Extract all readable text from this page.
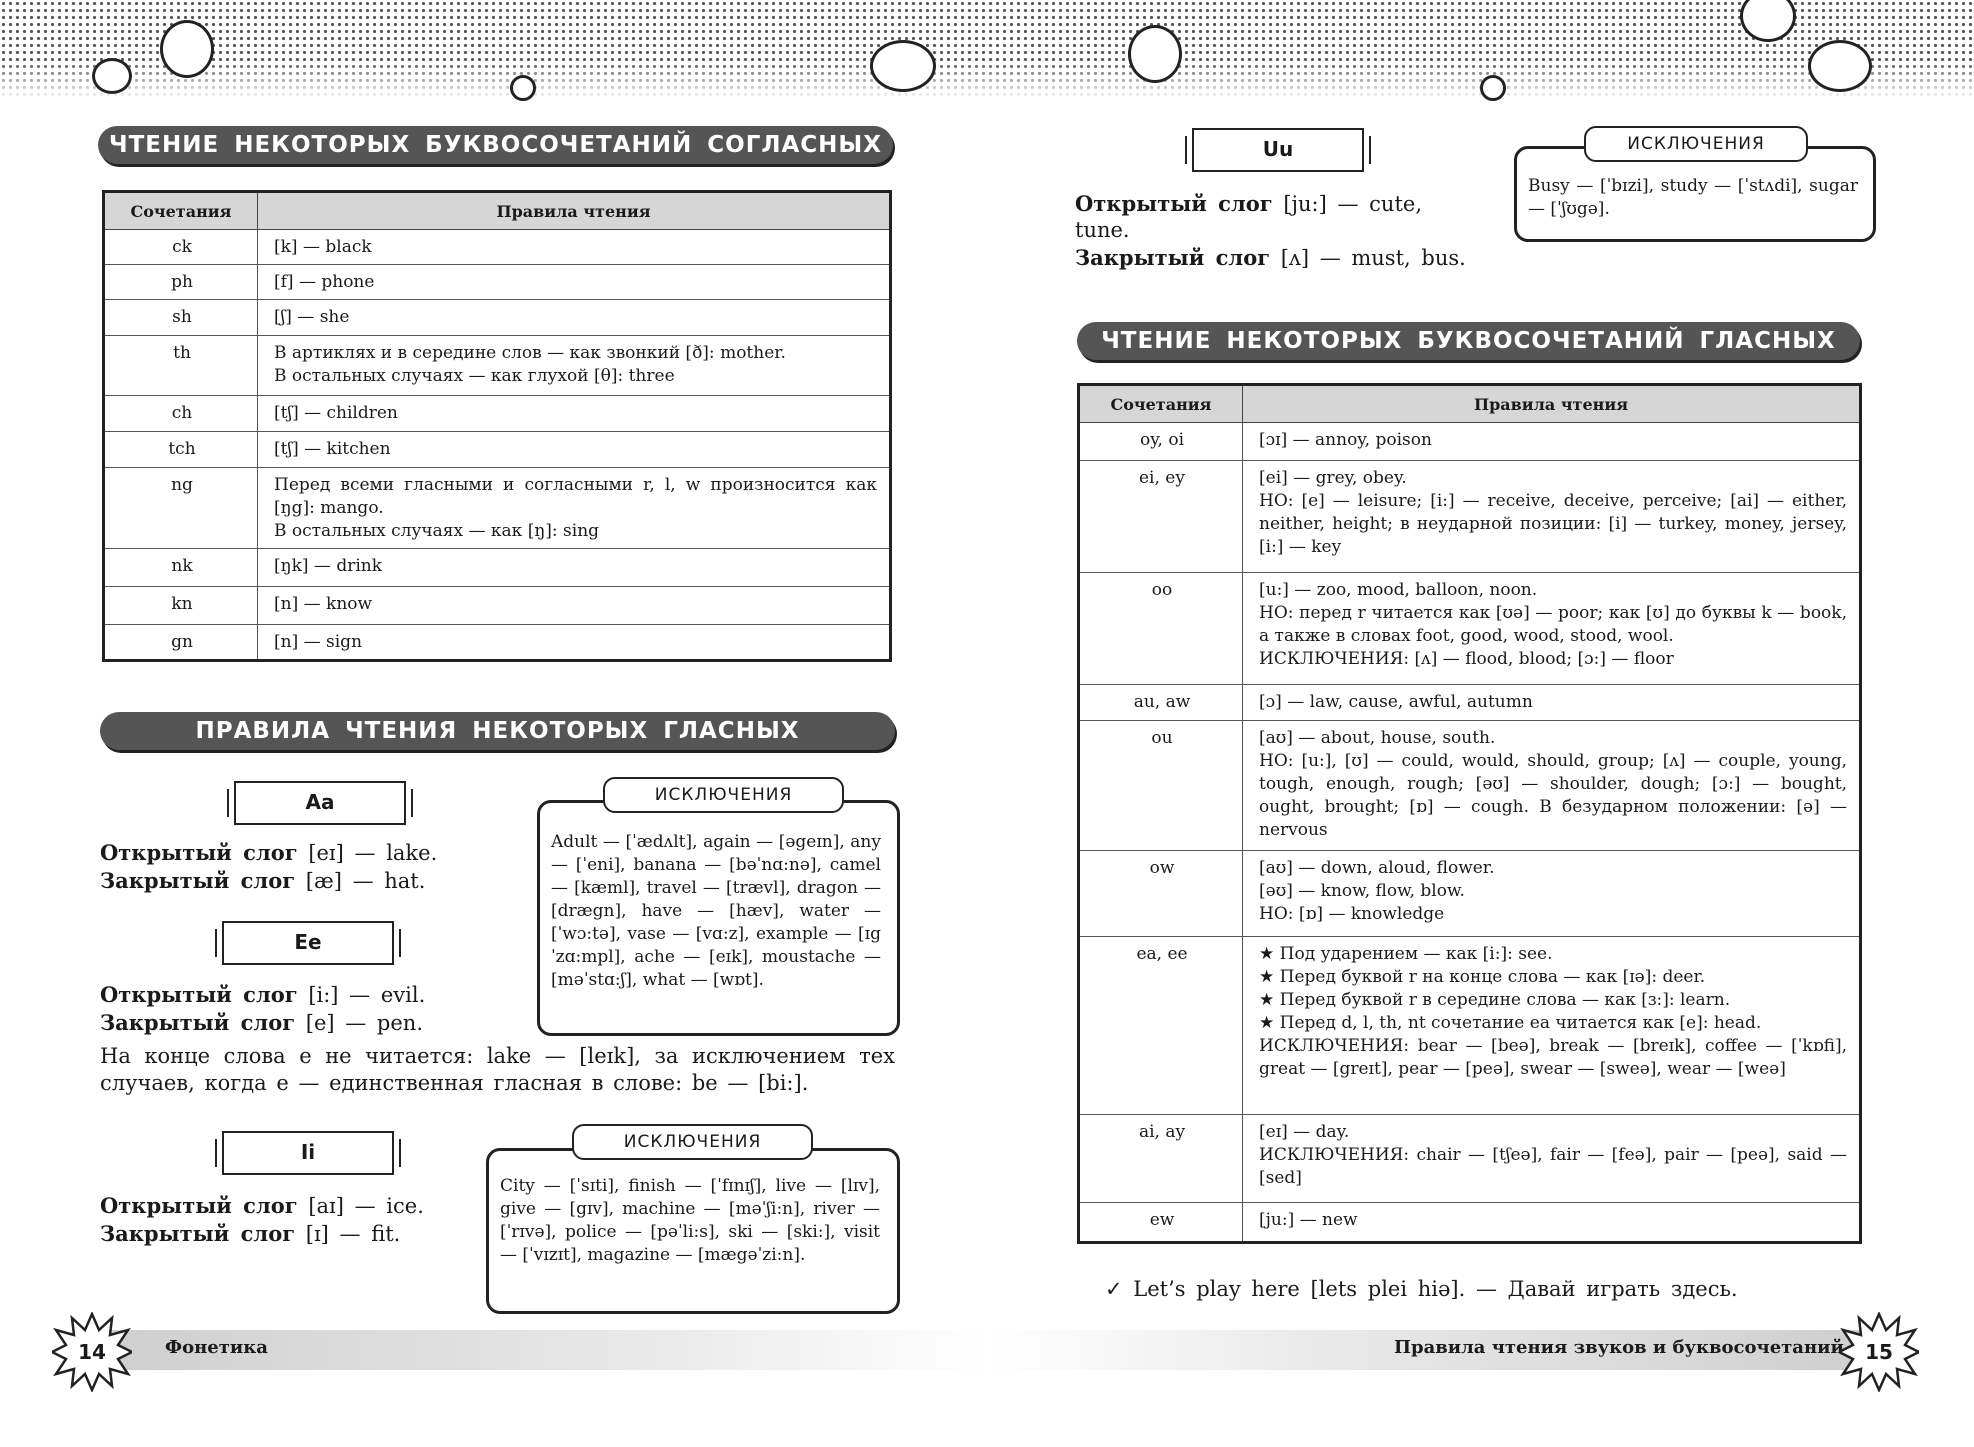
ЧТЕНИЕ НЕКОТОРЫХ БУКВОСОЧЕТАНИЙ СОГЛАСНЫХ
Сочетания	Правила чтения
ck	[k] — black

ph	[f] — phone

sh	[ʃ] — she

th	В артиклях и в середине слов — как звонкий [ð]: mother.
В остальных случаях — как глухой [θ]: three

ch	[tʃ] — children

tch	[tʃ] — kitchen

ng	Перед всеми гласными и согласными r, l, w произносится как [ŋg]: mango.
В остальных случаях — как [ŋ]: sing

nk	[ŋk] — drink

kn	[n] — know

gn	[n] — sign
ПРАВИЛА ЧТЕНИЯ НЕКОТОРЫХ ГЛАСНЫХ
Aa
Открытый слог [eɪ] — lake.
Закрытый слог [æ] — hat.
Ee
Открытый слог [i:] — evil.
Закрытый слог [e] — pen.
На конце слова e не читается: lake — [leɪk], за исключением тех случаев, когда e — единственная гласная в слове: be — [bi:].
ИСКЛЮЧЕНИЯ
Adult — [ˈædʌlt], again — [əgeɪn], any — [ˈeni], banana — [bəˈnɑ:nə], camel — [kæml], travel — [trævl], dragon — [drægn], have — [hæv], water — [ˈwɔ:tə], vase — [vɑ:z], example — [ɪgˈzɑ:mpl], ache — [eɪk], moustache — [məˈstɑ:ʃ], what — [wɒt].
Ii
Открытый слог [aɪ] — ice.
Закрытый слог [ɪ] — fit.
ИСКЛЮЧЕНИЯ
City — [ˈsɪti], finish — [ˈfɪnɪʃ], live — [lɪv], give — [gɪv], machine — [məˈʃi:n], river — [ˈrɪvə], police — [pəˈli:s], ski — [ski:], visit — [ˈvɪzɪt], magazine — [mægəˈzi:n].
Фонетика
14
Uu
Открытый слог [ju:] — cute,
tune.
Закрытый слог [ʌ] — must, bus.
ИСКЛЮЧЕНИЯ
Busy — [ˈbɪzi], study — [ˈstʌdi], sugar — [ˈʃʊgə].
ЧТЕНИЕ НЕКОТОРЫХ БУКВОСОЧЕТАНИЙ ГЛАСНЫХ
Сочетания	Правила чтения
oy, oi	[ɔɪ] — annoy, poison

ei, ey	[ei] — grey, obey.
НО: [e] — leisure; [i:] — receive, deceive, perceive; [ai] — either, neither, height; в неударной позиции: [i] — turkey, money, jersey, [i:] — key

oo	[u:] — zoo, mood, balloon, noon.
НО: перед r читается как [ʊə] — poor; как [ʊ] до буквы k — book, а также в словах foot, good, wood, stood, wool.
ИСКЛЮЧЕНИЯ: [ʌ] — flood, blood; [ɔ:] — floor

au, aw	[ɔ] — law, cause, awful, autumn

ou	[aʊ] — about, house, south.
НО: [u:], [ʊ] — could, would, should, group; [ʌ] — couple, young, tough, enough, rough; [əʊ] — shoulder, dough; [ɔ:] — bought, ought, brought; [ɒ] — cough. В безударном положении: [ə] — nervous

ow	[aʊ] — down, aloud, flower.
[əʊ] — know, flow, blow.
НО: [ɒ] — knowledge

ea, ee	★ Под ударением — как [i:]: see.
★ Перед буквой r на конце слова — как [ɪə]: deer.
★ Перед буквой r в середине слова — как [ɜ:]: learn.
★ Перед d, l, th, nt сочетание ea читается как [e]: head.
ИСКЛЮЧЕНИЯ: bear — [beə], break — [breɪk], coffee — [ˈkɒfi], great — [greɪt], pear — [peə], swear — [sweə], wear — [weə]

ai, ay	[eɪ] — day.
ИСКЛЮЧЕНИЯ: chair — [tʃeə], fair — [feə], pair — [peə], said — [sed]

ew	[ju:] — new
✓ Let’s play here [lets plei hiə]. — Давай играть здесь.
Правила чтения звуков и буквосочетаний	15
